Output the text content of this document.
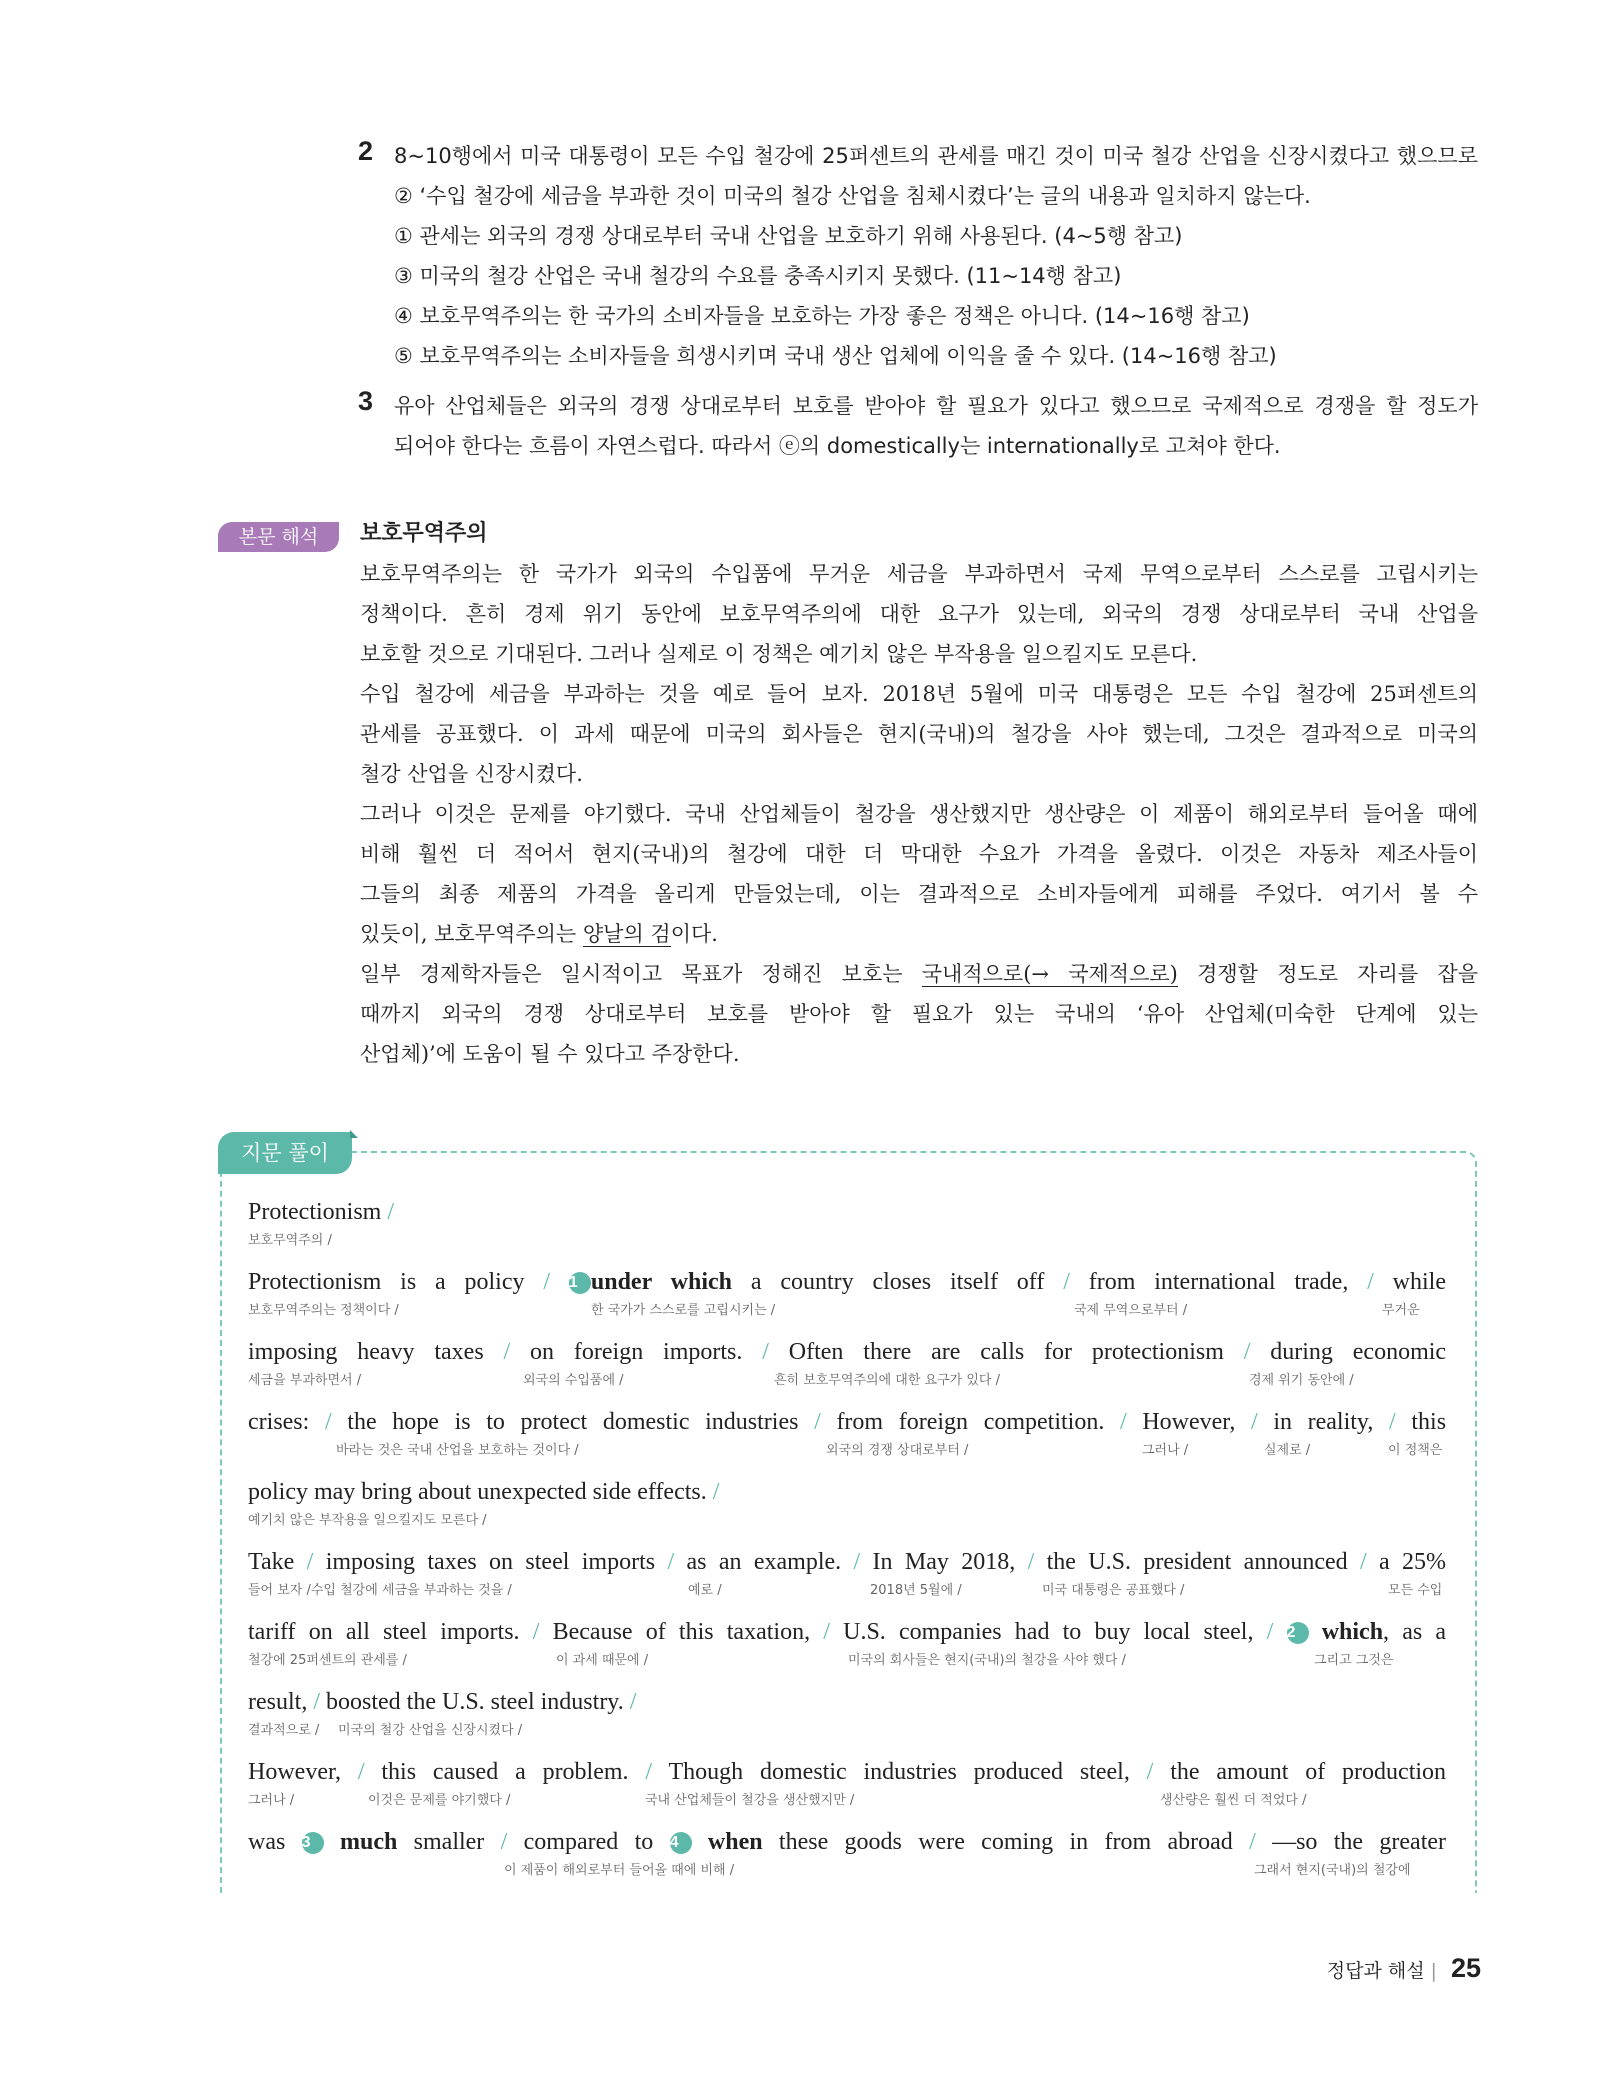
2 8~10행에서 미국 대통령이 모든 수입 철강에 25퍼센트의 관세를 매긴 것이 미국 철강 산업을 신장시켰다고 했으므로
② ‘수입 철강에 세금을 부과한 것이 미국의 철강 산업을 침체시켰다’는 글의 내용과 일치하지 않는다.
① 관세는 외국의 경쟁 상대로부터 국내 산업을 보호하기 위해 사용된다. (4~5행 참고)
③ 미국의 철강 산업은 국내 철강의 수요를 충족시키지 못했다. (11~14행 참고)
④ 보호무역주의는 한 국가의 소비자들을 보호하는 가장 좋은 정책은 아니다. (14~16행 참고)
⑤ 보호무역주의는 소비자들을 희생시키며 국내 생산 업체에 이익을 줄 수 있다. (14~16행 참고)
3 유아 산업체들은 외국의 경쟁 상대로부터 보호를 받아야 할 필요가 있다고 했으므로 국제적으로 경쟁을 할 정도가
되어야 한다는 흐름이 자연스럽다. 따라서 ⓔ의 domestically는 internationally로 고쳐야 한다.
본문 해석	보호무역주의
보호무역주의는 한 국가가 외국의 수입품에 무거운 세금을 부과하면서 국제 무역으로부터 스스로를 고립시키는
정책이다. 흔히 경제 위기 동안에 보호무역주의에 대한 요구가 있는데, 외국의 경쟁 상대로부터 국내 산업을
보호할 것으로 기대된다. 그러나 실제로 이 정책은 예기치 않은 부작용을 일으킬지도 모른다.
수입 철강에 세금을 부과하는 것을 예로 들어 보자. 2018년 5월에 미국 대통령은 모든 수입 철강에 25퍼센트의
관세를 공표했다. 이 과세 때문에 미국의 회사들은 현지(국내)의 철강을 사야 했는데, 그것은 결과적으로 미국의
철강 산업을 신장시켰다.
그러나 이것은 문제를 야기했다. 국내 산업체들이 철강을 생산했지만 생산량은 이 제품이 해외로부터 들어올 때에
비해 훨씬 더 적어서 현지(국내)의 철강에 대한 더 막대한 수요가 가격을 올렸다. 이것은 자동차 제조사들이
그들의 최종 제품의 가격을 올리게 만들었는데, 이는 결과적으로 소비자들에게 피해를 주었다. 여기서 볼 수
있듯이, 보호무역주의는 양날의 검이다.
일부 경제학자들은 일시적이고 목표가 정해진 보호는 국내적으로(→ 국제적으로) 경쟁할 정도로 자리를 잡을
때까지 외국의 경쟁 상대로부터 보호를 받아야 할 필요가 있는 국내의 ‘유아 산업체(미숙한 단계에 있는
산업체)’에 도움이 될 수 있다고 주장한다.
지문 풀이
Protectionism /
보호무역주의 /
Protectionism is a policy / 1 under which a country closes itself off / from international trade, / while
보호무역주의는 정책이다 /	한 국가가 스스로를 고립시키는 /	국제 무역으로부터 /	무거운
imposing heavy taxes / on foreign imports. / Often there are calls for protectionism / during economic
세금을 부과하면서 /	외국의 수입품에 /	흔히 보호무역주의에 대한 요구가 있다 /	경제 위기 동안에 /
crises: / the hope is to protect domestic industries / from foreign competition. / However, / in reality, / this
바라는 것은 국내 산업을 보호하는 것이다 /	외국의 경쟁 상대로부터 /	그러나 /	실제로 /	이 정책은
policy may bring about unexpected side effects. /
예기치 않은 부작용을 일으킬지도 모른다 /
Take / imposing taxes on steel imports / as an example. / In May 2018, / the U.S. president announced / a 25%
들어 보자 /수입 철강에 세금을 부과하는 것을 /	예로 /	2018년 5월에 /	미국 대통령은 공표했다 /	모든 수입
tariff on all steel imports. / Because of this taxation, / U.S. companies had to buy local steel, / 2 which, as a
철강에 25퍼센트의 관세를 /	이 과세 때문에 /	미국의 회사들은 현지(국내)의 철강을 사야 했다 /	그리고 그것은
result, / boosted the U.S. steel industry. /
결과적으로 / 미국의 철강 산업을 신장시켰다 /
However, / this caused a problem. / Though domestic industries produced steel, / the amount of production
그러나 /	이것은 문제를 야기했다 /	국내 산업체들이 철강을 생산했지만 /	생산량은 훨씬 더 적었다 /
was 3 much smaller / compared to 4 when these goods were coming in from abroad / —so the greater
이 제품이 해외로부터 들어올 때에 비해 /	그래서 현지(국내)의 철강에
정답과 해설 | 25
